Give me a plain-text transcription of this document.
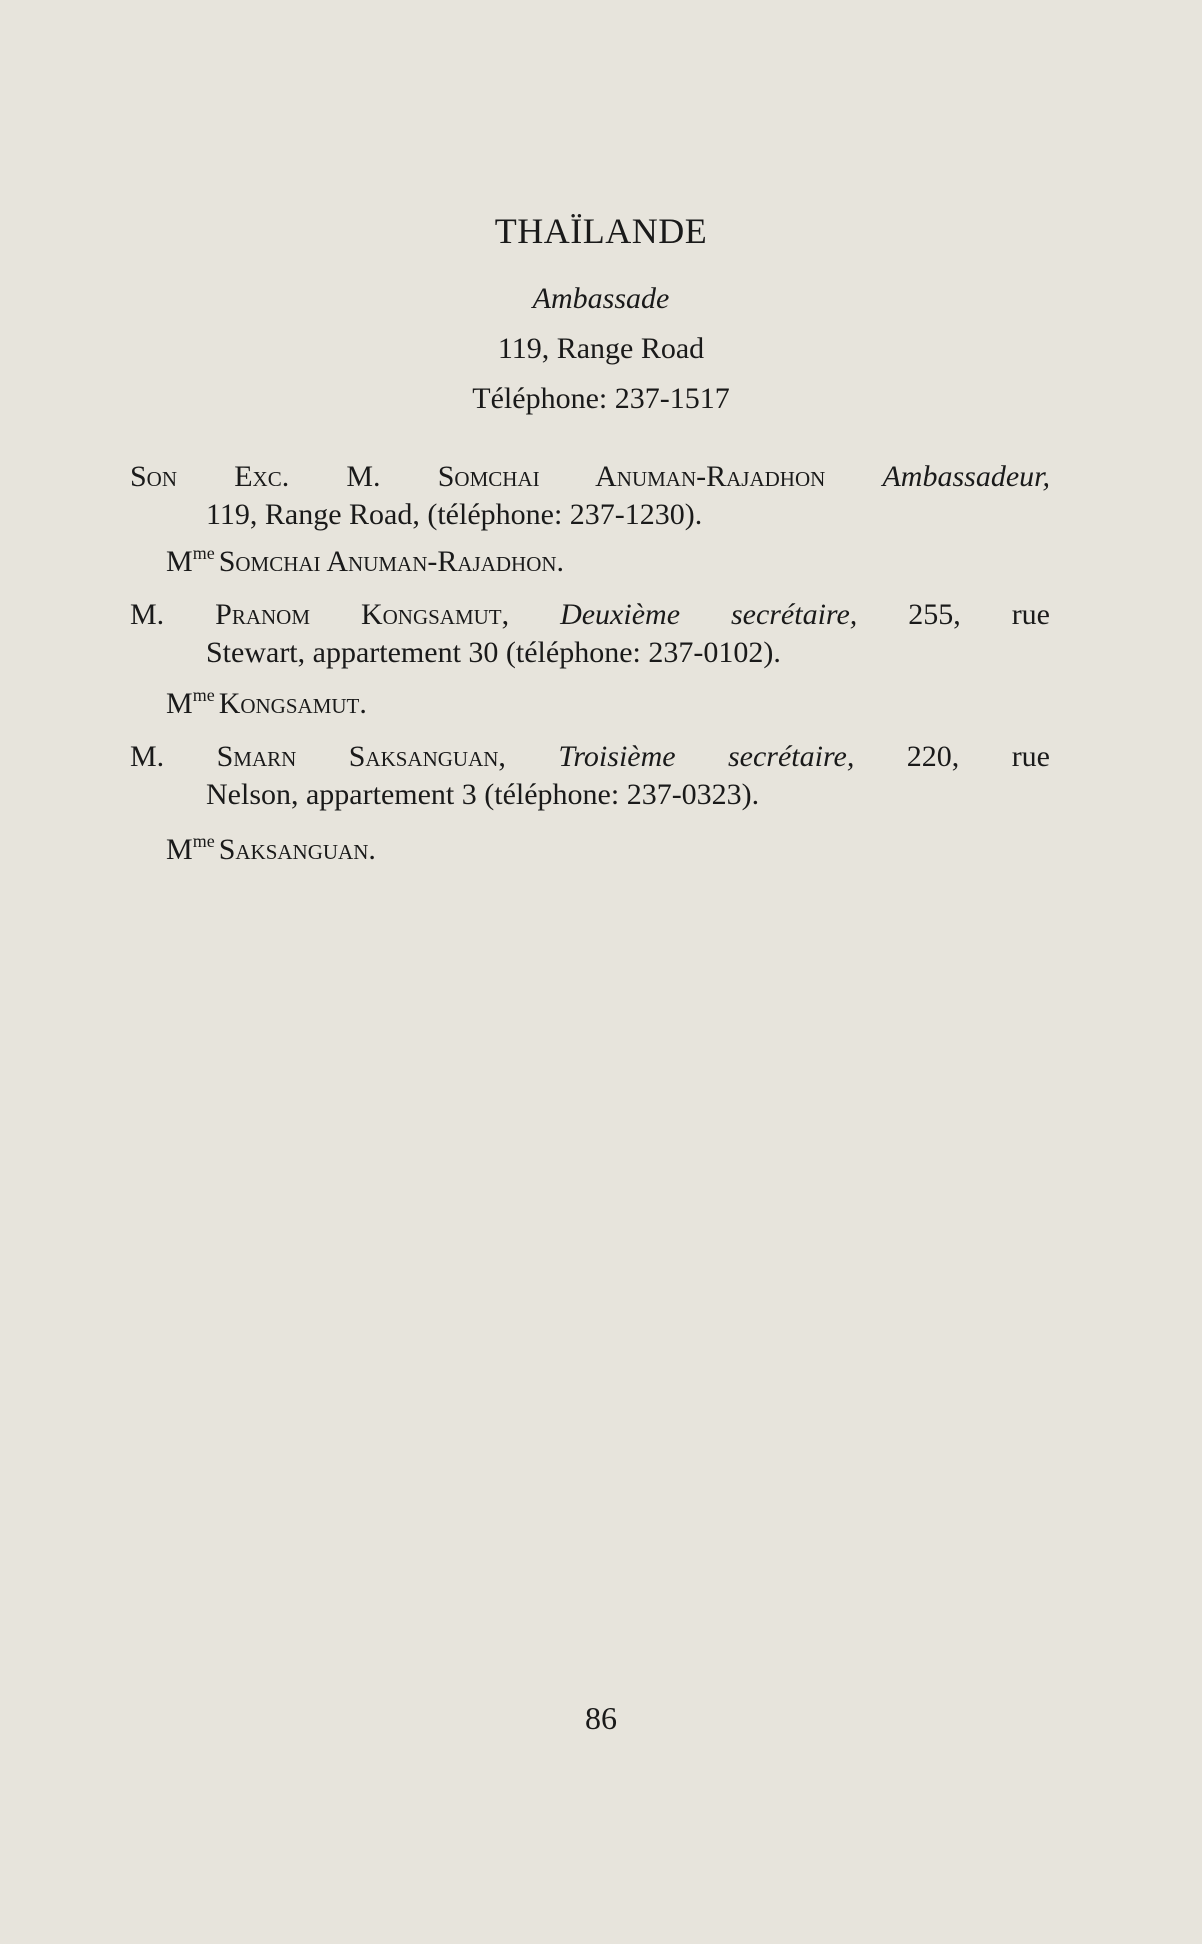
THAÏLANDE
Ambassade
119, Range Road
Téléphone: 237-1517
Son Exc. M. Somchai Anuman-Rajadhon Ambassadeur,
119, Range Road, (téléphone: 237-1230).
$M^{me}$ Somchai Anuman-Rajadhon.
M. Pranom Kongsamut, Deuxième secrétaire, 255, rue
Stewart, appartement 30 (téléphone: 237-0102).
$M^{me}$ Kongsamut.
M. Smarn Saksanguan, Troisième secrétaire, 220, rue
Nelson, appartement 3 (téléphone: 237-0323).
$M^{me}$ Saksanguan.
86
